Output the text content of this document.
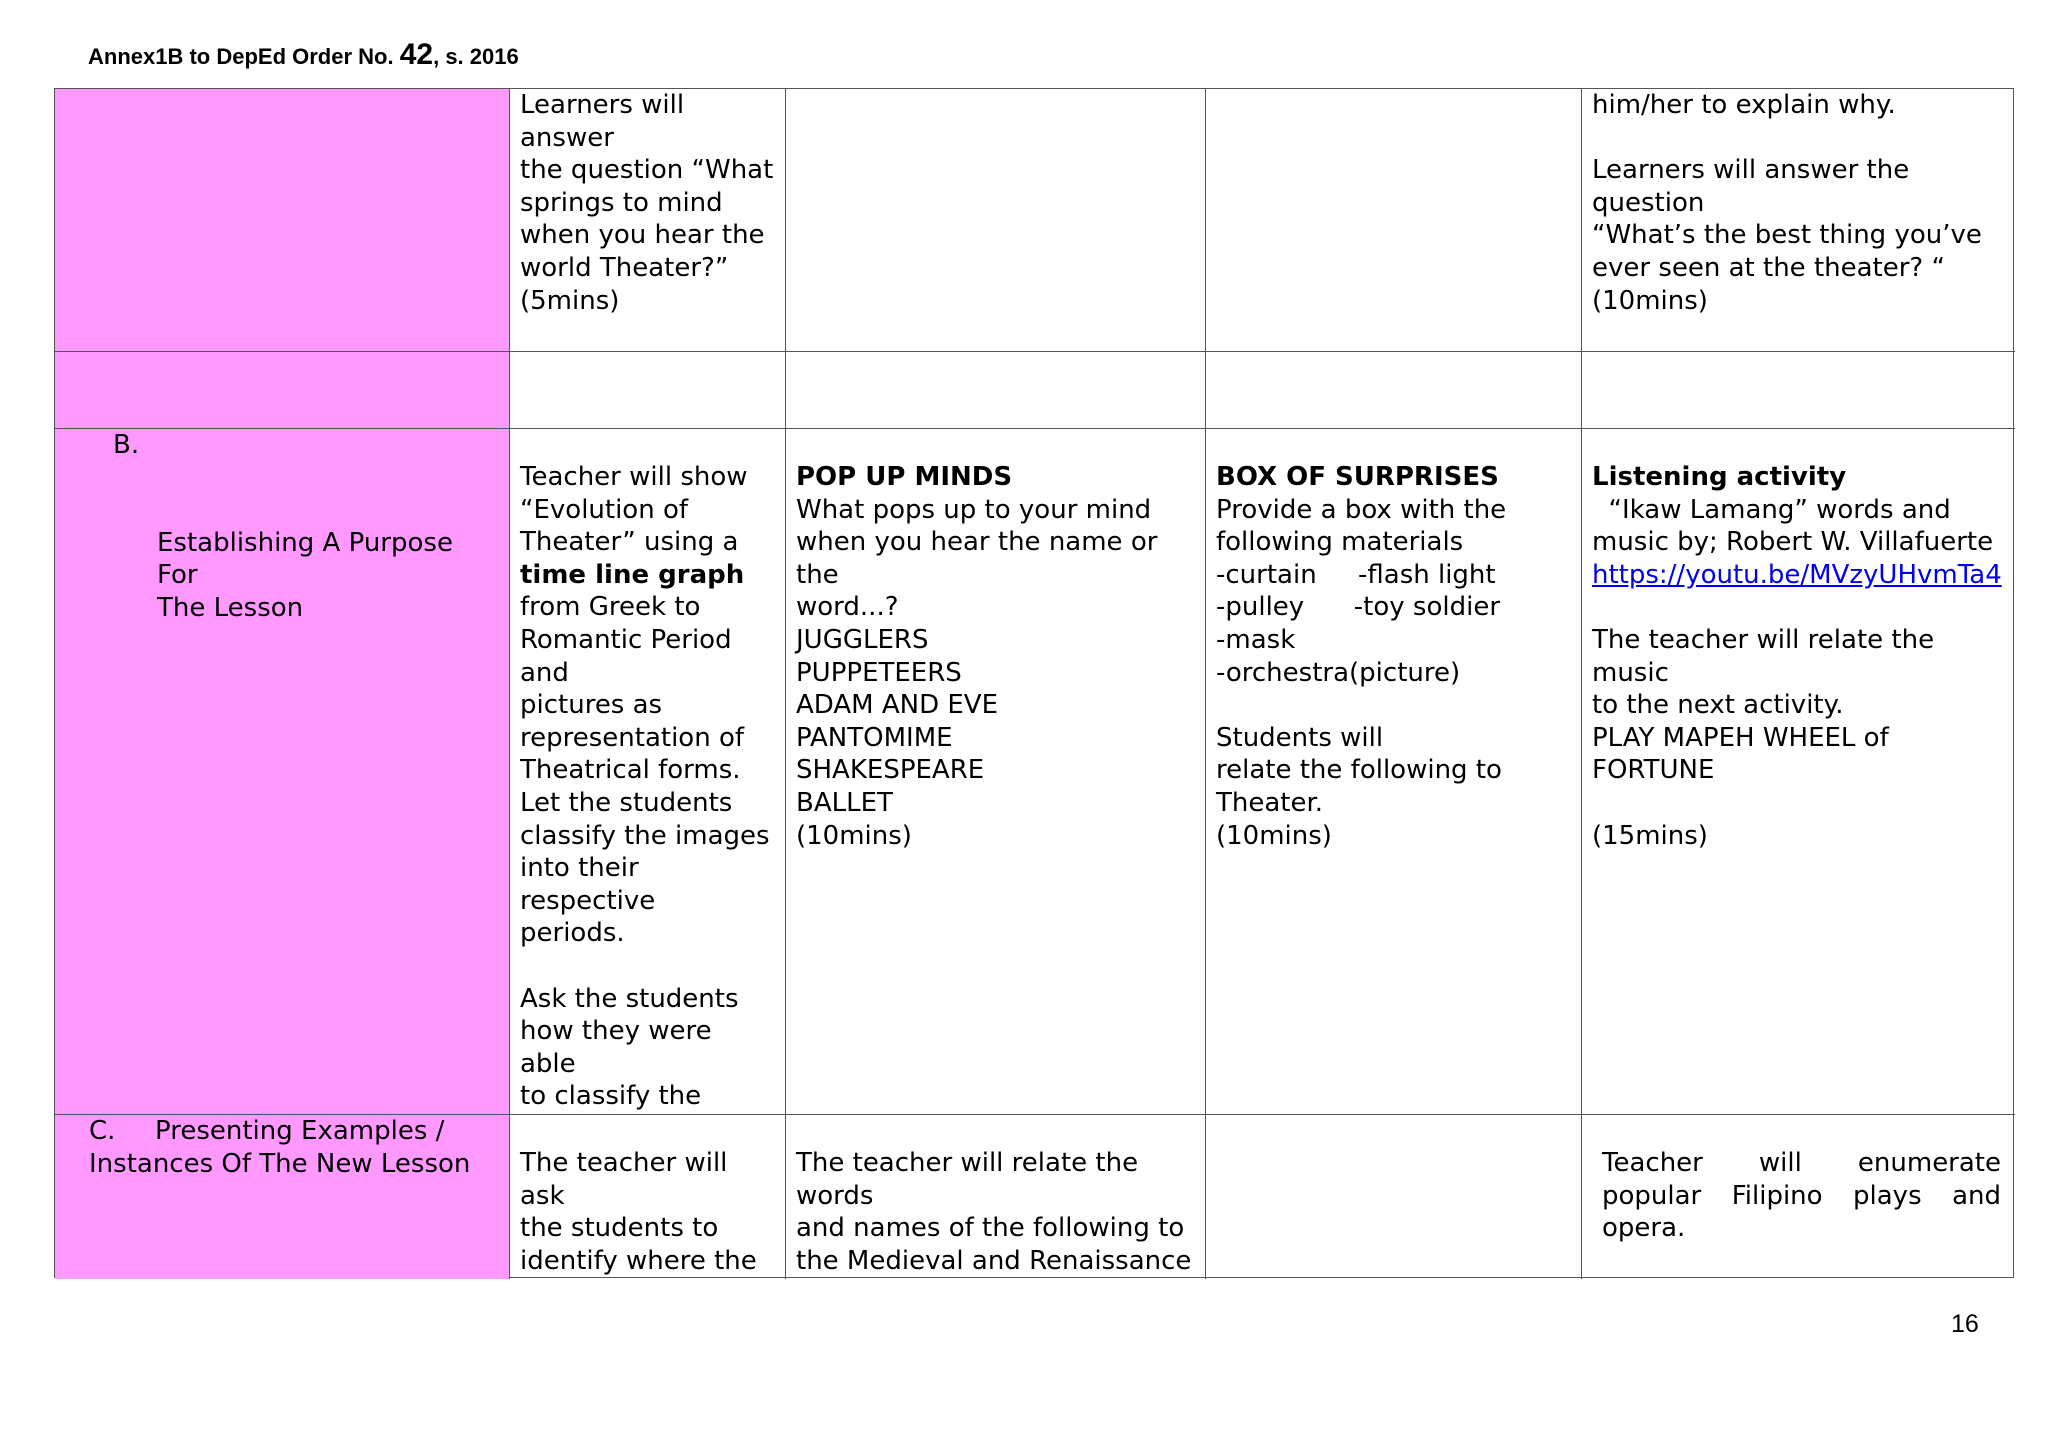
Annex1B to DepEd Order No. 42, s. 2016
Learners will answer
the question “What
springs to mind
when you hear the
world Theater?”
(5mins)
him/her to explain why.

Learners will answer the question
“What’s the best thing you’ve
ever seen at the theater? “
(10mins)

B.

Establishing A Purpose For
The Lesson

Teacher will show
“Evolution of
Theater” using a
time line graph
from Greek to
Romantic Period and
pictures as
representation of
Theatrical forms.
Let the students
classify the images
into their respective
periods.

Ask the students
how they were able
to classify the

POP UP MINDS
What pops up to your mind
when you hear the name or the
word...?
JUGGLERS
PUPPETEERS
ADAM AND EVE
PANTOMIME
SHAKESPEARE
BALLET
(10mins)
BOX OF SURPRISES
Provide a box with the
following materials
-curtain     -flash light
-pulley      -toy soldier
-mask
-orchestra(picture)

Students will
relate the following to
Theater.
(10mins)
Listening activity
“Ikaw Lamang” words and
music by; Robert W. Villafuerte
https://youtu.be/MVzyUHvmTa4

The teacher will relate the music
to the next activity.
PLAY MAPEH WHEEL of
FORTUNE

(15mins)
C. Presenting Examples /
Instances Of The New Lesson	The teacher will ask
the students to
identify where the

The teacher will relate the words
and names of the following to
the Medieval and Renaissance

Teacher will enumerate popular Filipino plays and opera.
16
